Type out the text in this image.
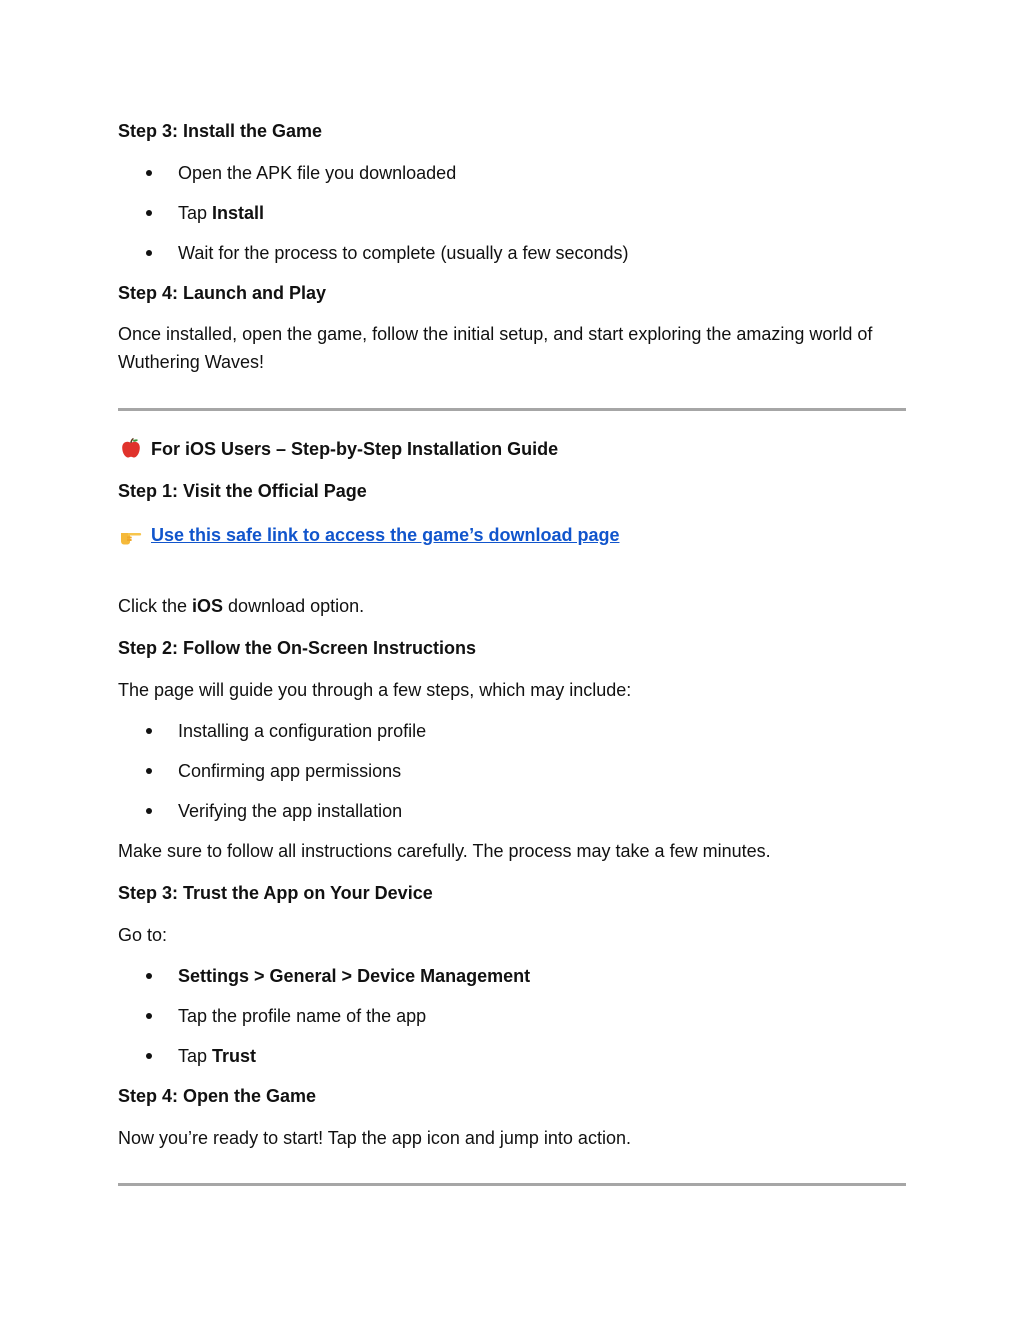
Step 3: Install the Game
Open the APK file you downloaded
Tap Install
Wait for the process to complete (usually a few seconds)
Step 4: Launch and Play
Once installed, open the game, follow the initial setup, and start exploring the amazing world of
Wuthering Waves!
For iOS Users – Step-by-Step Installation Guide
Step 1: Visit the Official Page
Use this safe link to access the game’s download page
Click the iOS download option.
Step 2: Follow the On-Screen Instructions
The page will guide you through a few steps, which may include:
Installing a configuration profile
Confirming app permissions
Verifying the app installation
Make sure to follow all instructions carefully. The process may take a few minutes.
Step 3: Trust the App on Your Device
Go to:
Settings > General > Device Management
Tap the profile name of the app
Tap Trust
Step 4: Open the Game
Now you’re ready to start! Tap the app icon and jump into action.
